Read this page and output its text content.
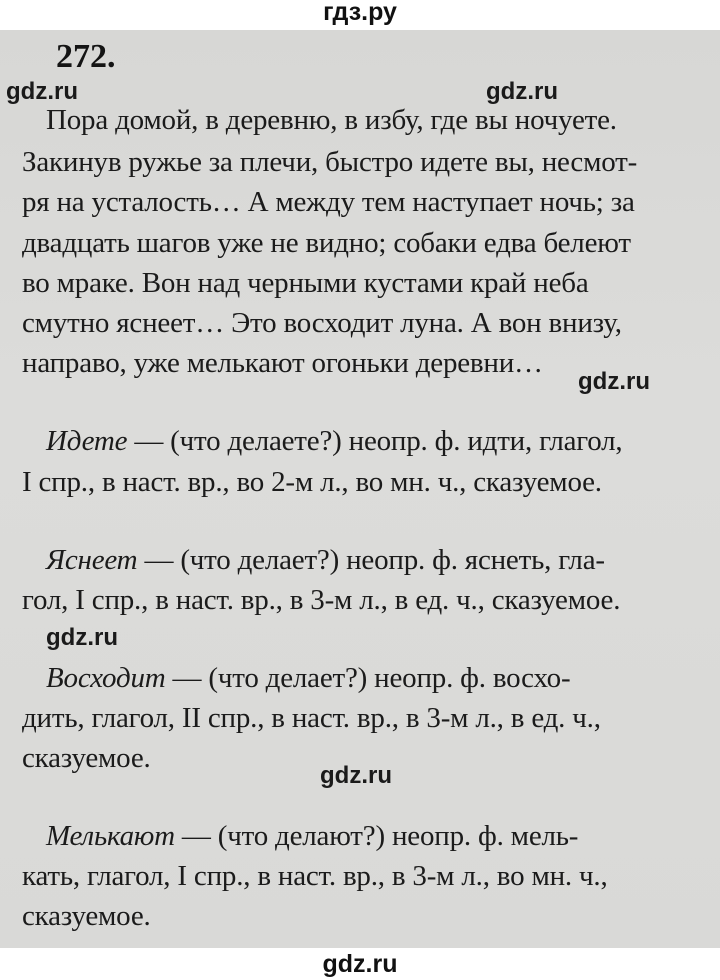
гдз.ру
272.
gdz.ru	gdz.ru
gdz.ru
gdz.ru
gdz.ru
Пора домой, в деревню, в избу, где вы ночуете.
Закинув ружье за плечи, быстро идете вы, несмот-
ря на усталость… А между тем наступает ночь; за
двадцать шагов уже не видно; собаки едва белеют
во мраке. Вон над черными кустами край неба
смутно яснеет… Это восходит луна. А вон внизу,
направо, уже мелькают огоньки деревни…
Идете — (что делаете?) неопр. ф. идти, глагол,
I спр., в наст. вр., во 2-м л., во мн. ч., сказуемое.
Яснеет — (что делает?) неопр. ф. яснеть, гла-
гол, I спр., в наст. вр., в 3-м л., в ед. ч., сказуемое.
Восходит — (что делает?) неопр. ф. восхо-
дить, глагол, II спр., в наст. вр., в 3-м л., в ед. ч.,
сказуемое.
Мелькают — (что делают?) неопр. ф. мель-
кать, глагол, I спр., в наст. вр., в 3-м л., во мн. ч.,
сказуемое.
gdz.ru
